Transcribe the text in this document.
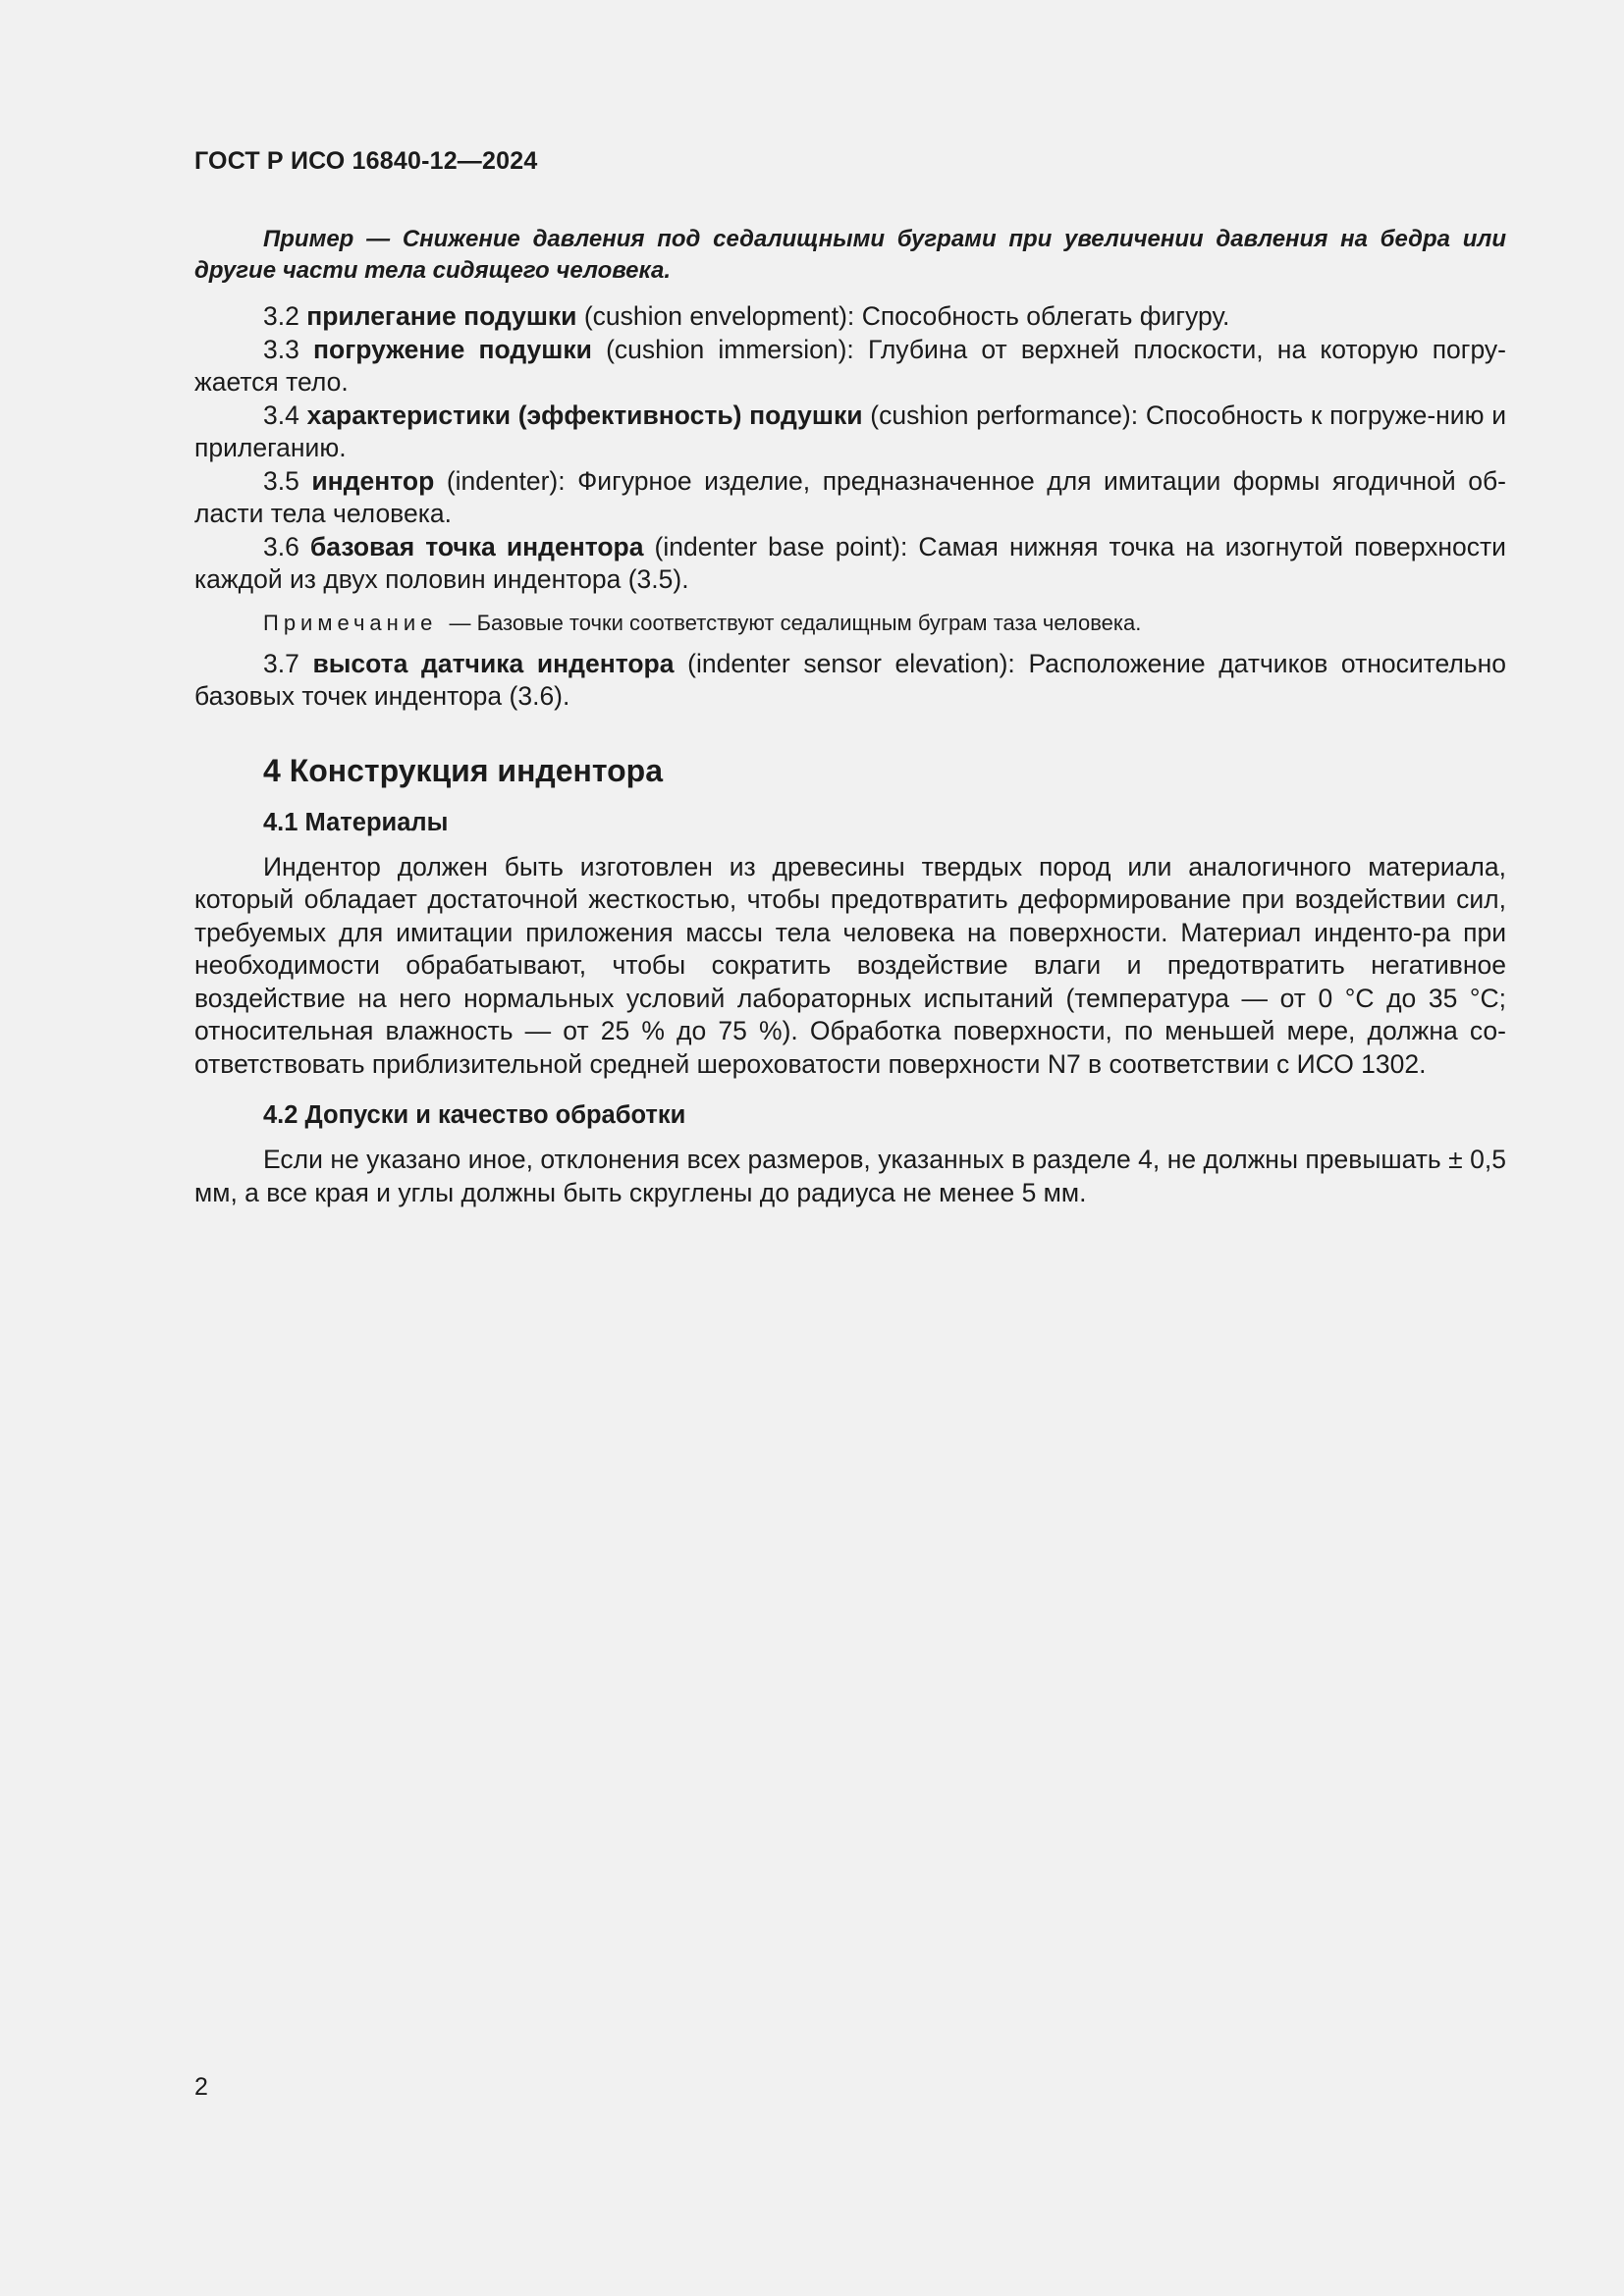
ГОСТ Р ИСО 16840-12—2024

Пример — Снижение давления под седалищными буграми при увеличении давления на бедра или другие части тела сидящего человека.

3.2 прилегание подушки (cushion envelopment): Способность облегать фигуру.

3.3 погружение подушки (cushion immersion): Глубина от верхней плоскости, на которую погру-жается тело.

3.4 характеристики (эффективность) подушки (cushion performance): Способность к погруже-нию и прилеганию.

3.5 индентор (indenter): Фигурное изделие, предназначенное для имитации формы ягодичной об-ласти тела человека.

3.6 базовая точка индентора (indenter base point): Самая нижняя точка на изогнутой поверхности каждой из двух половин индентора (3.5).

Примечание — Базовые точки соответствуют седалищным буграм таза человека.

3.7 высота датчика индентора (indenter sensor elevation): Расположение датчиков относительно базовых точек индентора (3.6).

4 Конструкция индентора
4.1 Материалы

Индентор должен быть изготовлен из древесины твердых пород или аналогичного материала, который обладает достаточной жесткостью, чтобы предотвратить деформирование при воздействии сил, требуемых для имитации приложения массы тела человека на поверхности. Материал инденто-ра при необходимости обрабатывают, чтобы сократить воздействие влаги и предотвратить негативное воздействие на него нормальных условий лабораторных испытаний (температура — от 0 °C до 35 °C; относительная влажность — от 25 % до 75 %). Обработка поверхности, по меньшей мере, должна со-ответствовать приблизительной средней шероховатости поверхности N7 в соответствии с ИСО 1302.

4.2 Допуски и качество обработки

Если не указано иное, отклонения всех размеров, указанных в разделе 4, не должны превышать ± 0,5 мм, а все края и углы должны быть скруглены до радиуса не менее 5 мм.

2
